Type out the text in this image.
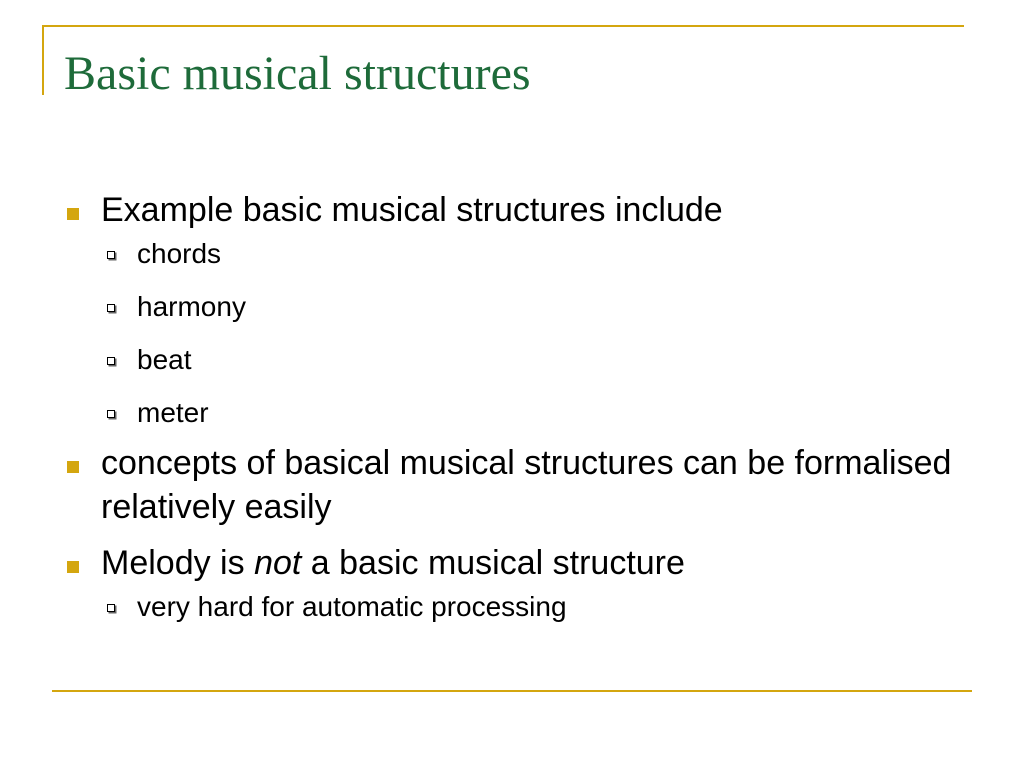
Basic musical structures
Example basic musical structures include
chords
harmony
beat
meter
concepts of basical musical structures can be formalised relatively easily
Melody is not a basic musical structure
very hard for automatic processing
